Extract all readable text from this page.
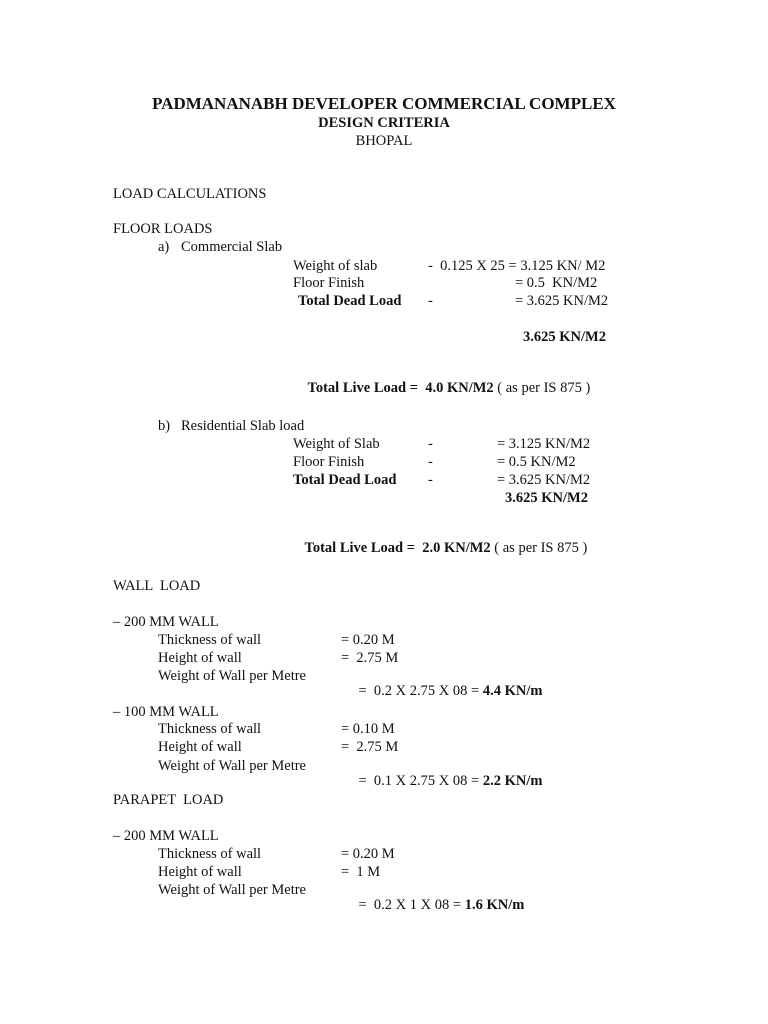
PADMANANABH DEVELOPER COMMERCIAL COMPLEX
DESIGN CRITERIA
BHOPAL
LOAD CALCULATIONS
FLOOR LOADS
a) Commercial Slab
Weight of slab	-  0.125 X 25 = 3.125 KN/ M2
Floor Finish	= 0.5  KN/M2
Total Dead Load -	= 3.625 KN/M2
3.625 KN/M2

Total Live Load =  4.0 KN/M2 ( as per IS 875 )

b) Residential Slab load
Weight of Slab	-	= 3.125 KN/M2
Floor Finish	-	= 0.5 KN/M2
Total Dead Load -	= 3.625 KN/M2
3.625 KN/M2

Total Live Load =  2.0 KN/M2 ( as per IS 875 )

WALL  LOAD
– 200 MM WALL
Thickness of wall	= 0.20 M
Height of wall	=  2.75 M
Weight of Wall per Metre

=  0.2 X 2.75 X 08 = 4.4 KN/m

– 100 MM WALL
Thickness of wall	= 0.10 M
Height of wall	=  2.75 M
Weight of Wall per Metre

=  0.1 X 2.75 X 08 = 2.2 KN/m

PARAPET  LOAD
– 200 MM WALL
Thickness of wall	= 0.20 M
Height of wall	=  1 M
Weight of Wall per Metre

=  0.2 X 1 X 08 = 1.6 KN/m
